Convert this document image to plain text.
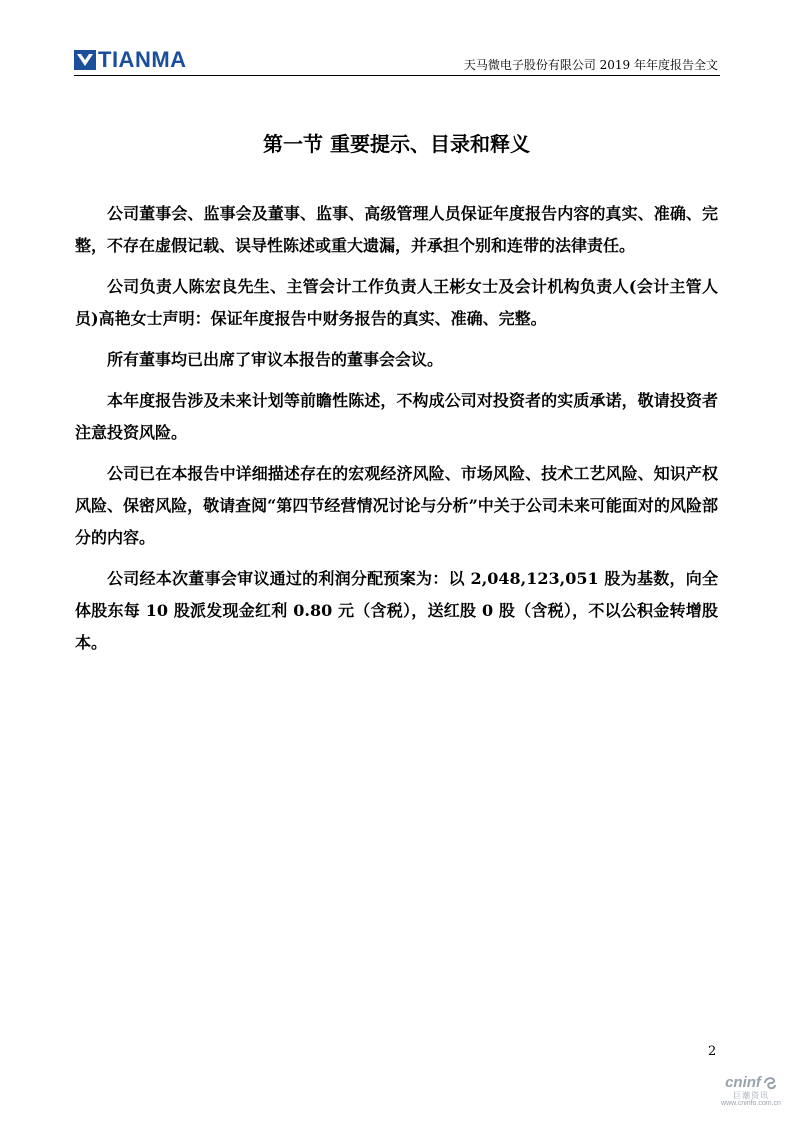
TIANMA	天马微电子股份有限公司 2019 年年度报告全文
第一节 重要提示、目录和释义

公司董事会、监事会及董事、监事、高级管理人员保证年度报告内容的真实、准确、完整，不存在虚假记载、误导性陈述或重大遗漏，并承担个别和连带的法律责任。

公司负责人陈宏良先生、主管会计工作负责人王彬女士及会计机构负责人(会计主管人员)高艳女士声明：保证年度报告中财务报告的真实、准确、完整。

所有董事均已出席了审议本报告的董事会会议。

本年度报告涉及未来计划等前瞻性陈述，不构成公司对投资者的实质承诺，敬请投资者注意投资风险。

公司已在本报告中详细描述存在的宏观经济风险、市场风险、技术工艺风险、知识产权风险、保密风险，敬请查阅“第四节经营情况讨论与分析”中关于公司未来可能面对的风险部分的内容。

公司经本次董事会审议通过的利润分配预案为：以 2,048,123,051 股为基数，向全体股东每 10 股派发现金红利 0.80 元（含税），送红股 0 股（含税），不以公积金转增股本。

2
cninf
巨潮资讯
www.cninfo.com.cn
